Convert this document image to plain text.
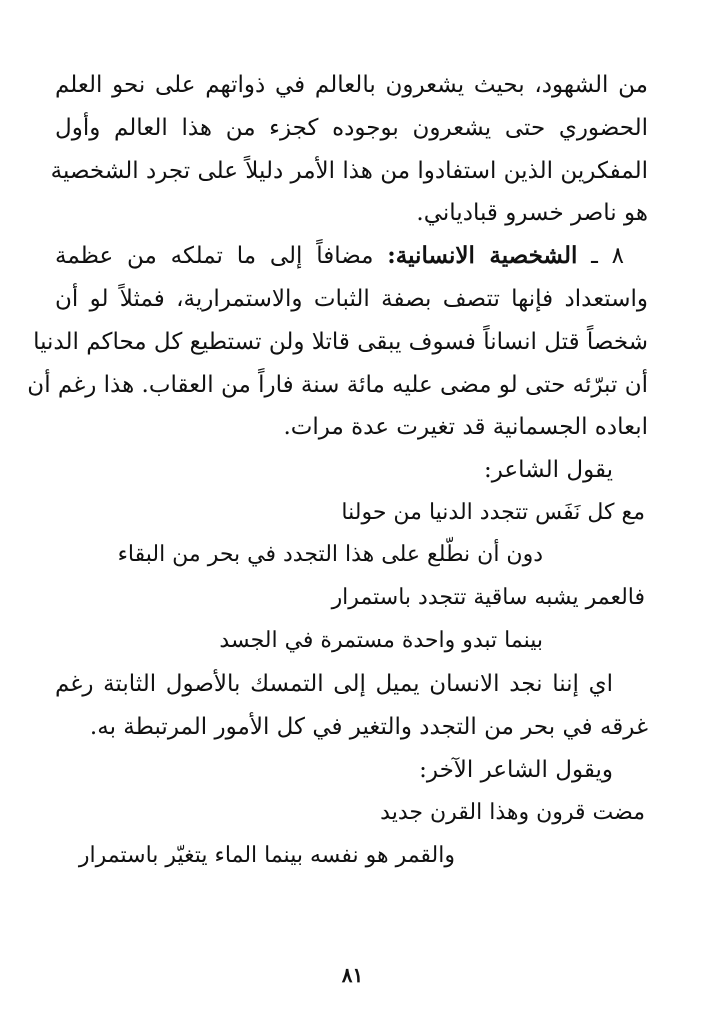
من الشهود، بحيث يشعرون بالعالم في ذواتهم على نحو العلم
الحضوري حتى يشعرون بوجوده كجزء من هذا العالم وأول
المفكرين الذين استفادوا من هذا الأمر دليلاً على تجرد الشخصية
هو ناصر خسرو قبادياني.
٨ ـ الشخصية الانسانية: مضافاً إلى ما تملكه من عظمة
واستعداد فإنها تتصف بصفة الثبات والاستمرارية، فمثلاً لو أن
شخصاً قتل انساناً فسوف يبقى قاتلا ولن تستطيع كل محاكم الدنيا
أن تبرّئه حتى لو مضى عليه مائة سنة فاراً من العقاب. هذا رغم أن
ابعاده الجسمانية قد تغيرت عدة مرات.
يقول الشاعر:
مع كل نَفَس تتجدد الدنيا من حولنا
دون أن نطّلع على هذا التجدد في بحر من البقاء
فالعمر يشبه ساقية تتجدد باستمرار
بينما تبدو واحدة مستمرة في الجسد
اي إننا نجد الانسان يميل إلى التمسك بالأصول الثابتة رغم
غرقه في بحر من التجدد والتغير في كل الأمور المرتبطة به.
ويقول الشاعر الآخر:
مضت قرون وهذا القرن جديد
والقمر هو نفسه بينما الماء يتغيّر باستمرار
٨١
